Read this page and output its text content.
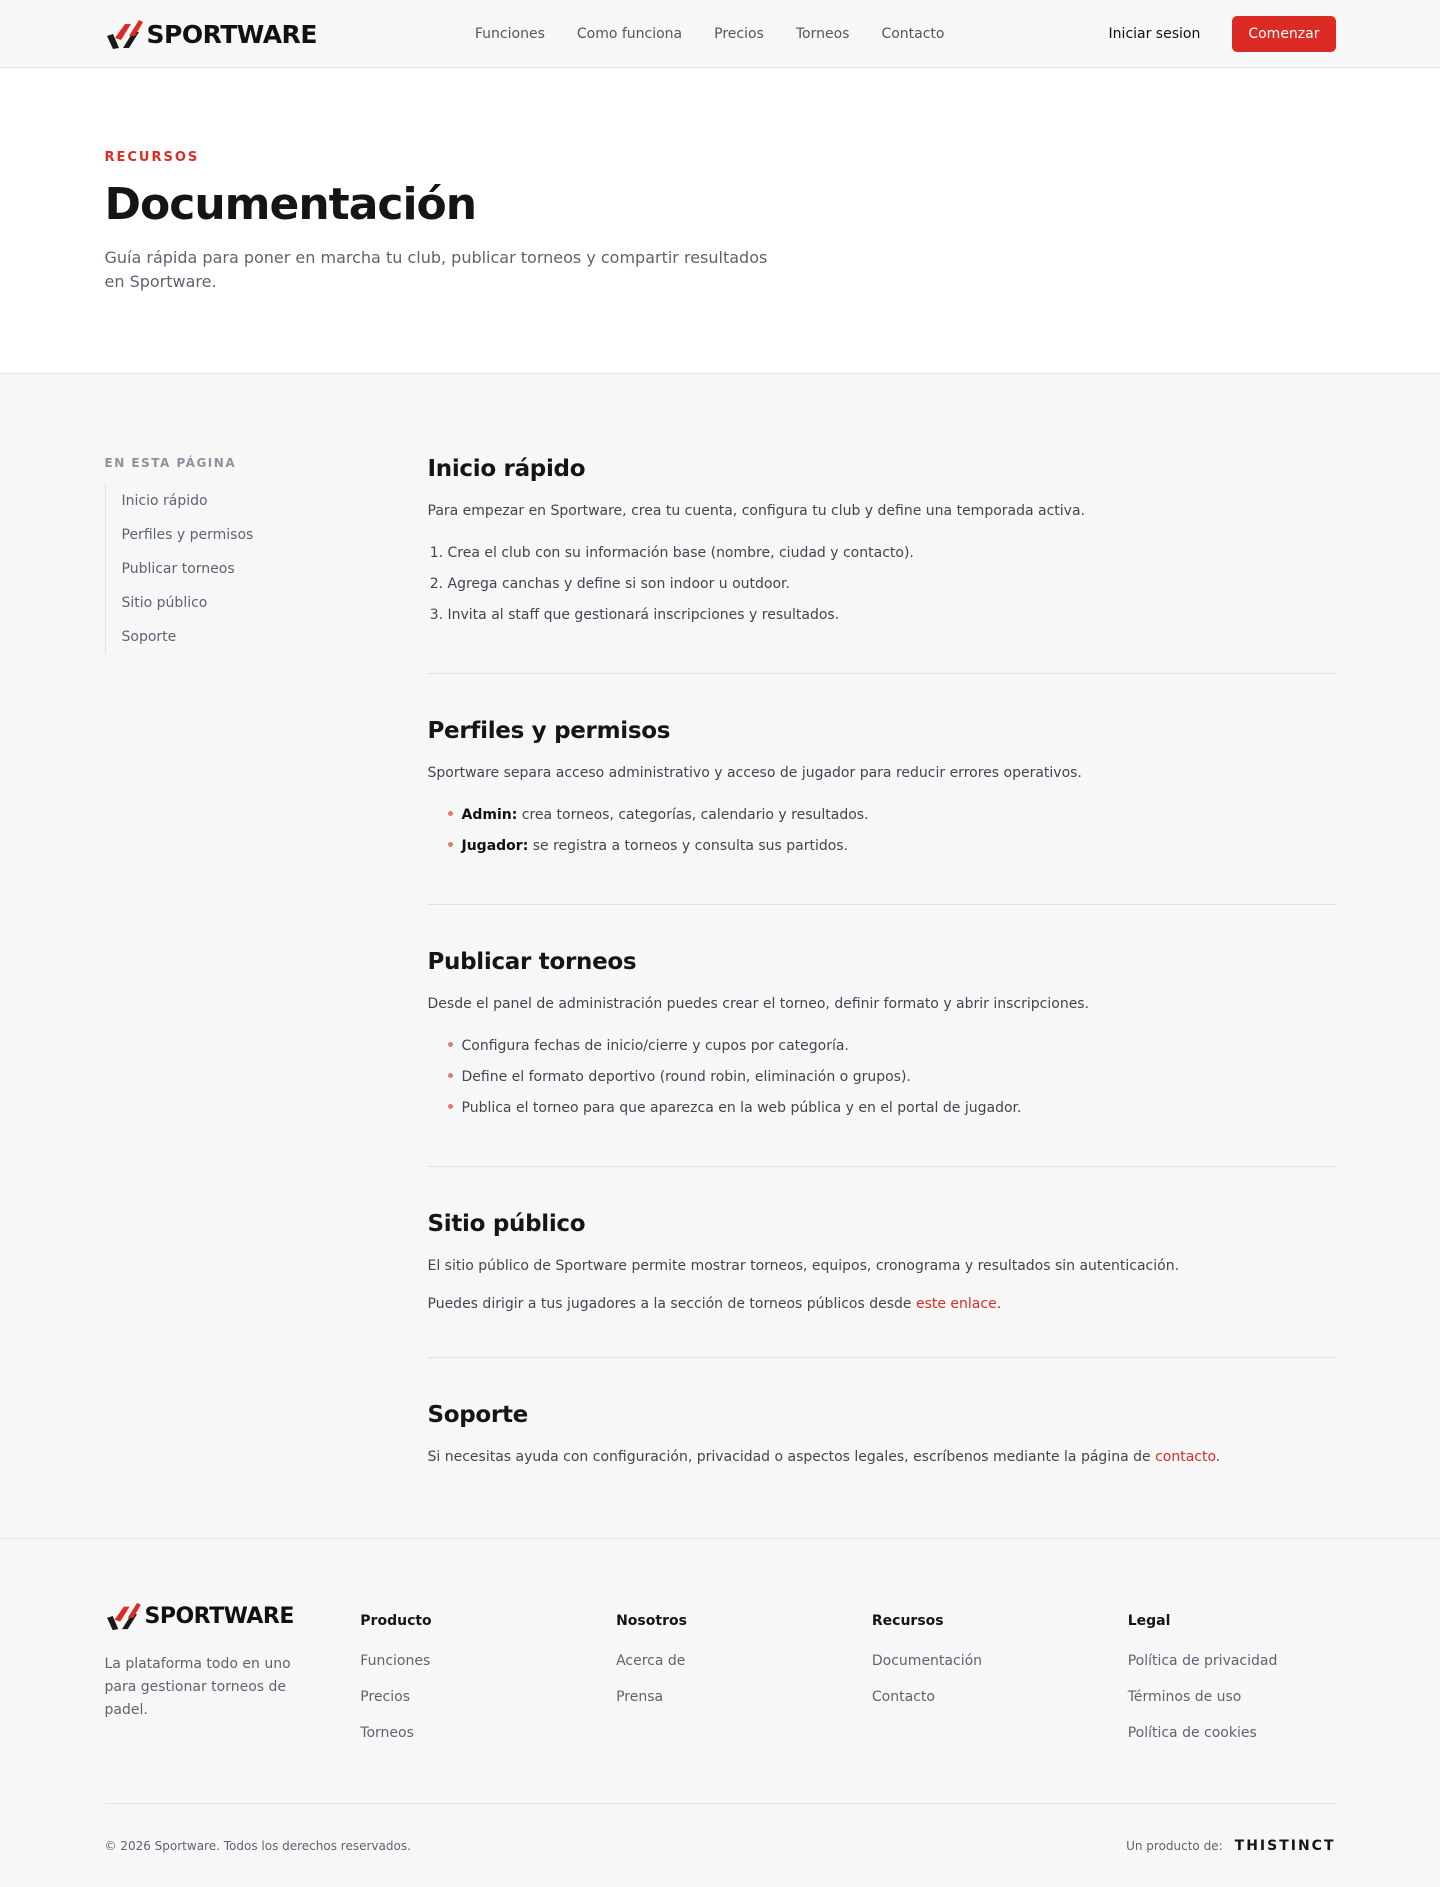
SPORTWARE	Funciones Como funciona Precios Torneos Contacto	Iniciar sesion	Comenzar
RECURSOS
Documentación

Guía rápida para poner en marcha tu club, publicar torneos y compartir resultados en Sportware.

EN ESTA PÁGINA
Inicio rápido
Perfiles y permisos
Publicar torneos
Sitio público
Soporte
Inicio rápido

Para empezar en Sportware, crea tu cuenta, configura tu club y define una temporada activa.

1. Crea el club con su información base (nombre, ciudad y contacto).
2. Agrega canchas y define si son indoor u outdoor.
3. Invita al staff que gestionará inscripciones y resultados.
Perfiles y permisos

Sportware separa acceso administrativo y acceso de jugador para reducir errores operativos.

Admin: crea torneos, categorías, calendario y resultados.
Jugador: se registra a torneos y consulta sus partidos.
Publicar torneos

Desde el panel de administración puedes crear el torneo, definir formato y abrir inscripciones.

Configura fechas de inicio/cierre y cupos por categoría.
Define el formato deportivo (round robin, eliminación o grupos).
Publica el torneo para que aparezca en la web pública y en el portal de jugador.
Sitio público

El sitio público de Sportware permite mostrar torneos, equipos, cronograma y resultados sin autenticación.

Puedes dirigir a tus jugadores a la sección de torneos públicos desde este enlace.

Soporte

Si necesitas ayuda con configuración, privacidad o aspectos legales, escríbenos mediante la página de contacto.

SPORTWARE

La plataforma todo en uno para gestionar torneos de padel.

Producto
Funciones
Precios
Torneos
Nosotros
Acerca de
Prensa
Recursos
Documentación
Contacto
Legal
Política de privacidad
Términos de uso
Política de cookies
© 2026 Sportware. Todos los derechos reservados.	Un producto de: THISTINCT
